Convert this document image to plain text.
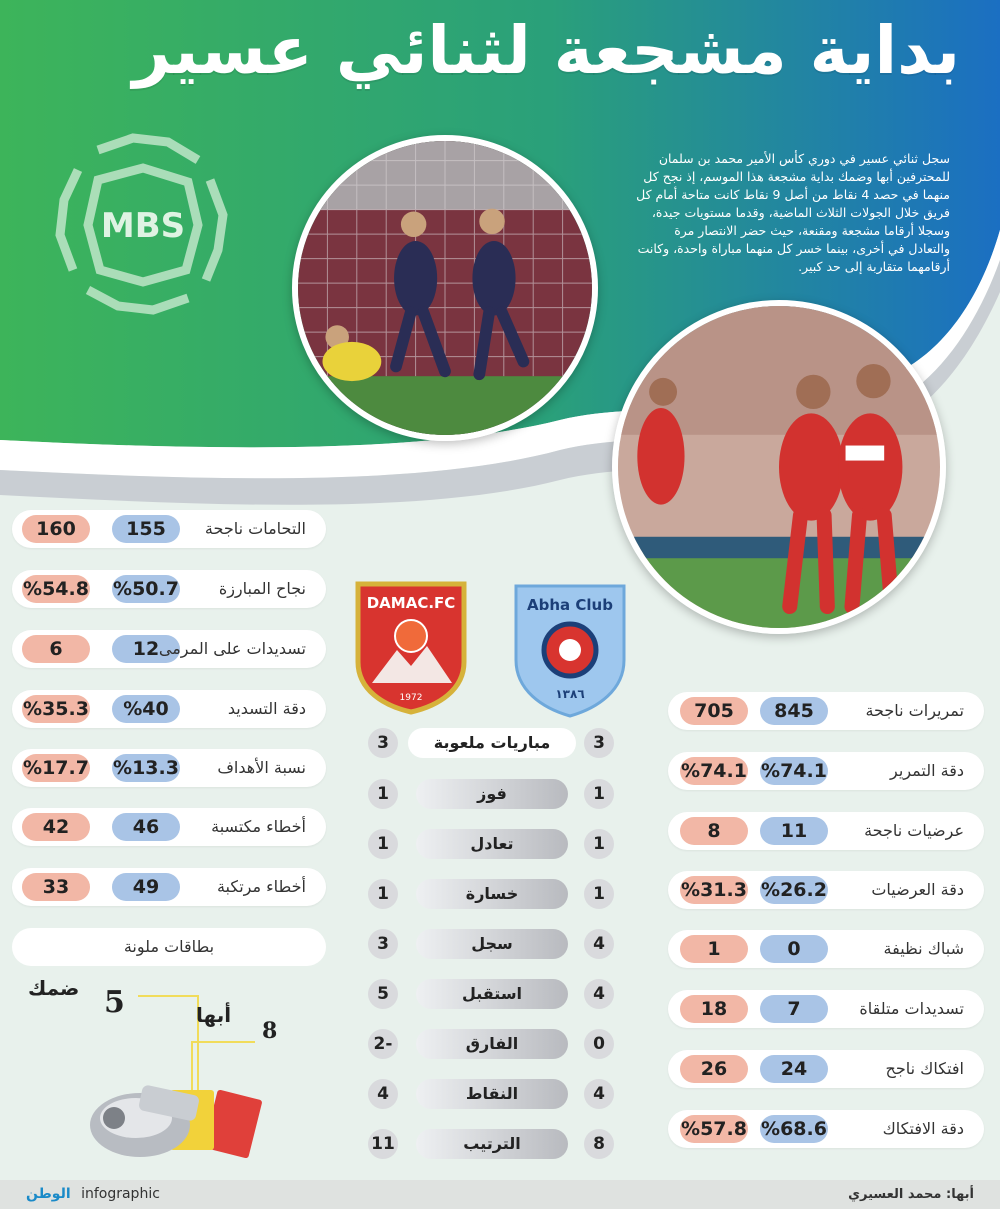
MBS
بداية مشجعة لثنائي عسير

سجل ثنائي عسير في دوري كأس الأمير محمد بن سلمان للمحترفين أبها وضمك بداية مشجعة هذا الموسم، إذ نجح كل منهما في حصد 4 نقاط من أصل 9 نقاط كانت متاحة أمام كل فريق خلال الجولات الثلاث الماضية، وقدما مستويات جيدة، وسجلا أرقاما مشجعة ومقنعة، حيث حضر الانتصار مرة والتعادل في أخرى، بينما خسر كل منهما مباراة واحدة، وكانت أرقامهما متقاربة إلى حد كبير.

Abha Club
١٣٨٦
DAMAC.FC
1972
160	155	التحامات ناجحة
%54.8 %50.7 نجاح المبارزة
6	12 تسديدات على المرمى
%35.3	%40	دقة التسديد
%17.7 %13.3 نسبة الأهداف
42	46	أخطاء مكتسبة
33	49	أخطاء مرتكبة
705	845	تمريرات ناجحة
%74.1 %74.1	دقة التمرير
8	11	عرضيات ناجحة
%31.3 %26.2	دقة العرضيات
1	0	شباك نظيفة
18	7	تسديدات متلقاة
26	24	افتكاك ناجح
%57.8 %68.6	دقة الافتكاك
3	مباريات ملعوبة	3
1	فوز	1
1	تعادل	1
1	خسارة	1
3	سجل	4
5	استقبل	4
2-	الفارق	0
4	النقاط	4
11	الترتيب	8
بطاقات ملونة
ضمك 5	أبها
8
الوطن infographic	أبها: محمد العسيري
